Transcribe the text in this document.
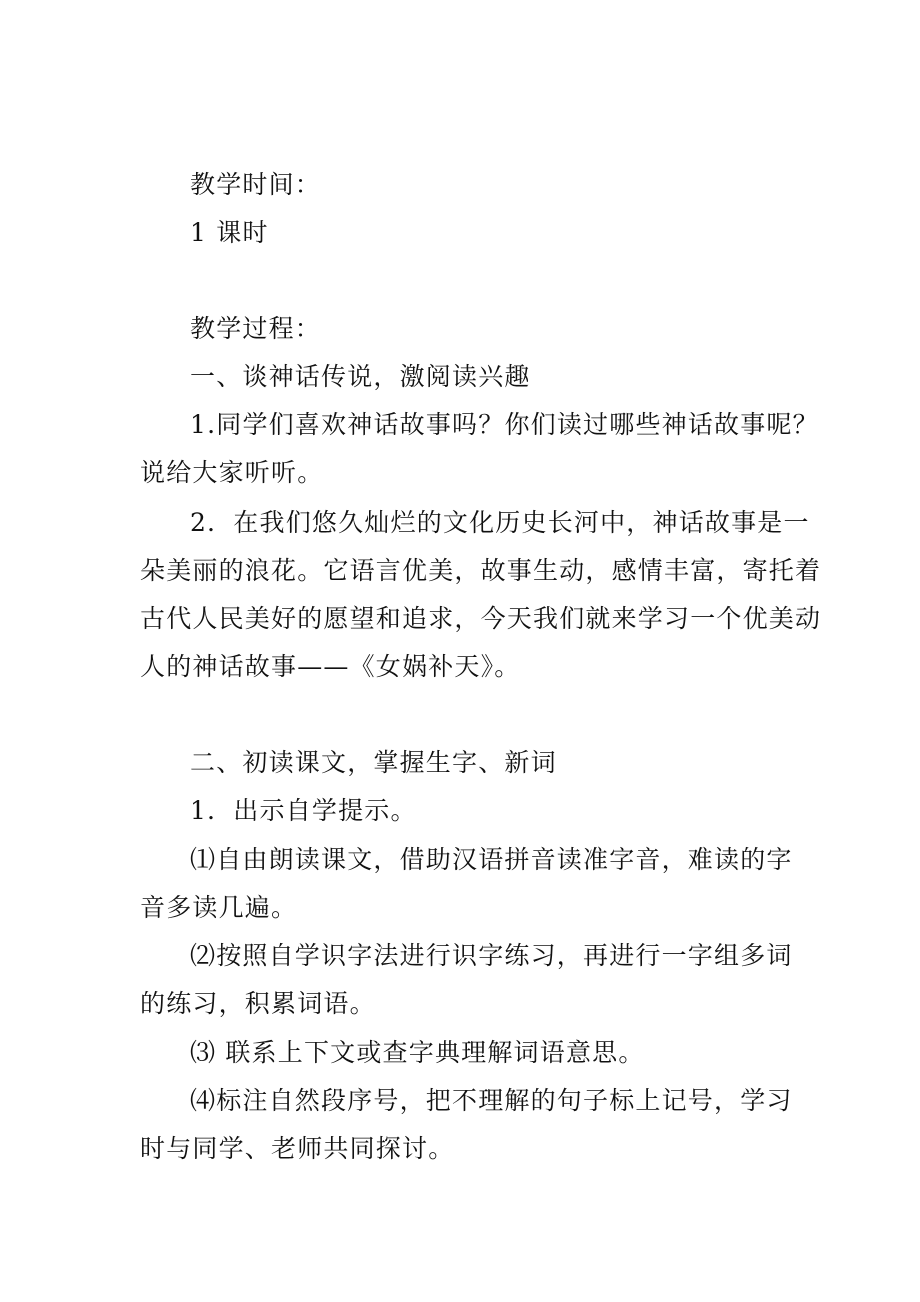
教学时间：
1 课时
教学过程：
一、谈神话传说，激阅读兴趣
1.同学们喜欢神话故事吗？你们读过哪些神话故事呢？
说给大家听听。
2．在我们悠久灿烂的文化历史长河中，神话故事是一
朵美丽的浪花。它语言优美，故事生动，感情丰富，寄托着
古代人民美好的愿望和追求，今天我们就来学习一个优美动
人的神话故事——《女娲补天》。
二、初读课文，掌握生字、新词
1．出示自学提示。
⑴自由朗读课文，借助汉语拼音读准字音，难读的字
音多读几遍。
⑵按照自学识字法进行识字练习，再进行一字组多词
的练习，积累词语。
⑶ 联系上下文或查字典理解词语意思。
⑷标注自然段序号，把不理解的句子标上记号，学习
时与同学、老师共同探讨。
